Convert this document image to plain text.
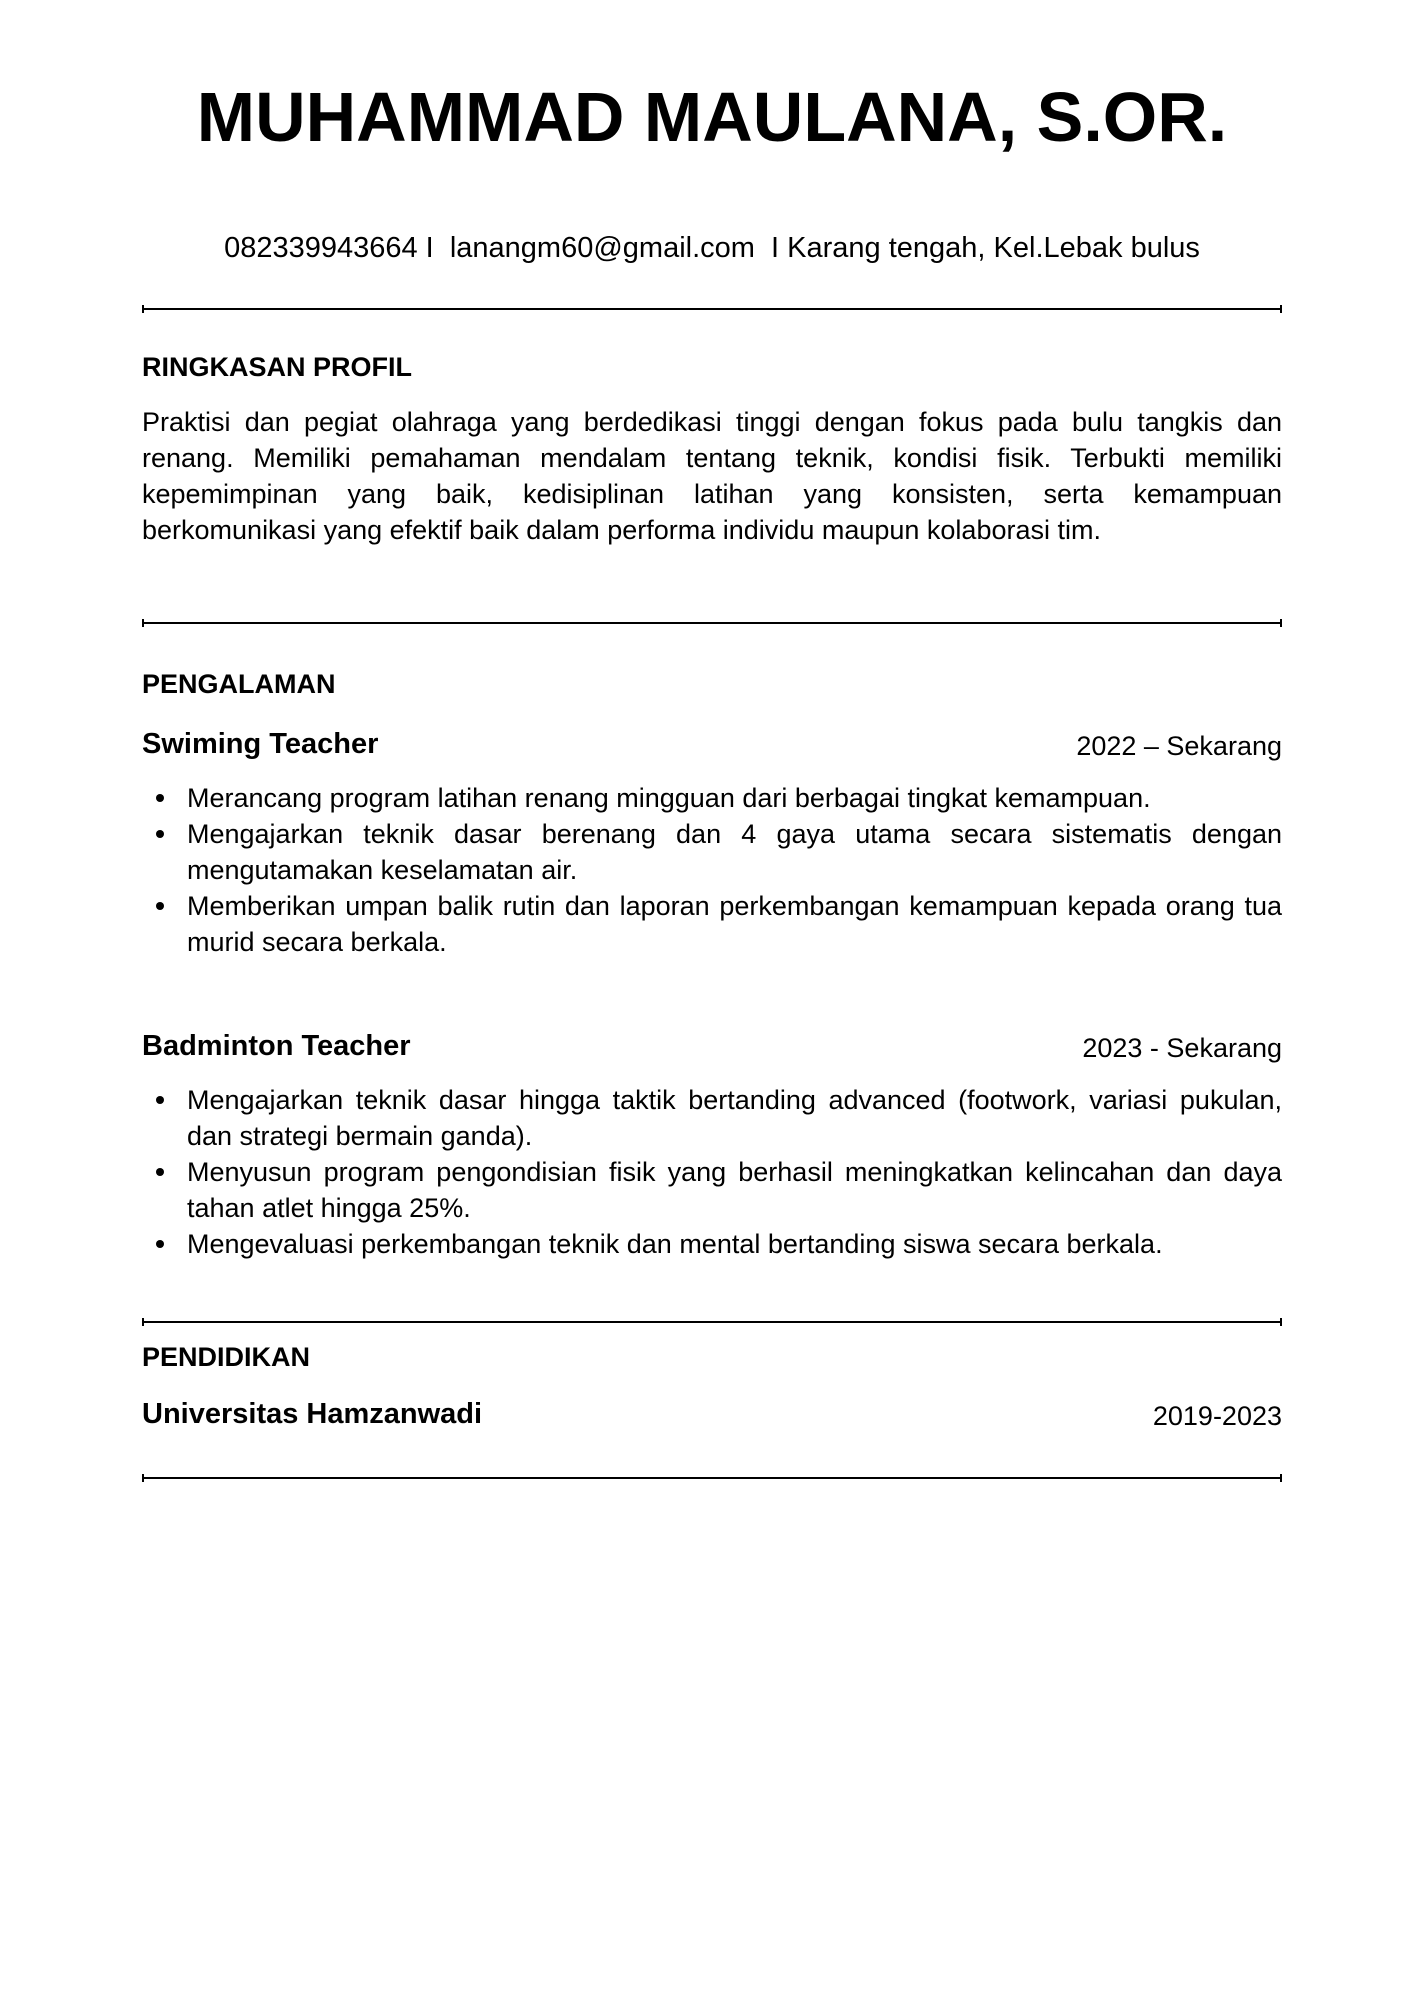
MUHAMMAD MAULANA, S.OR.
082339943664 I  lanangm60@gmail.com  I Karang tengah, Kel.Lebak bulus
RINGKASAN PROFIL
Praktisi dan pegiat olahraga yang berdedikasi tinggi dengan fokus pada bulu tangkis dan renang. Memiliki pemahaman mendalam tentang teknik, kondisi fisik. Terbukti memiliki kepemimpinan yang baik, kedisiplinan latihan yang konsisten, serta kemampuan berkomunikasi yang efektif baik dalam performa individu maupun kolaborasi tim.
PENGALAMAN
Swiming Teacher	2022 – Sekarang
Merancang program latihan renang mingguan dari berbagai tingkat kemampuan.
Mengajarkan teknik dasar berenang dan 4 gaya utama secara sistematis dengan mengutamakan keselamatan air.
Memberikan umpan balik rutin dan laporan perkembangan kemampuan kepada orang tua murid secara berkala.
Badminton Teacher	2023 - Sekarang
Mengajarkan teknik dasar hingga taktik bertanding advanced (footwork, variasi pukulan, dan strategi bermain ganda).
Menyusun program pengondisian fisik yang berhasil meningkatkan kelincahan dan daya tahan atlet hingga 25%.
Mengevaluasi perkembangan teknik dan mental bertanding siswa secara berkala.
PENDIDIKAN
Universitas Hamzanwadi	2019-2023
